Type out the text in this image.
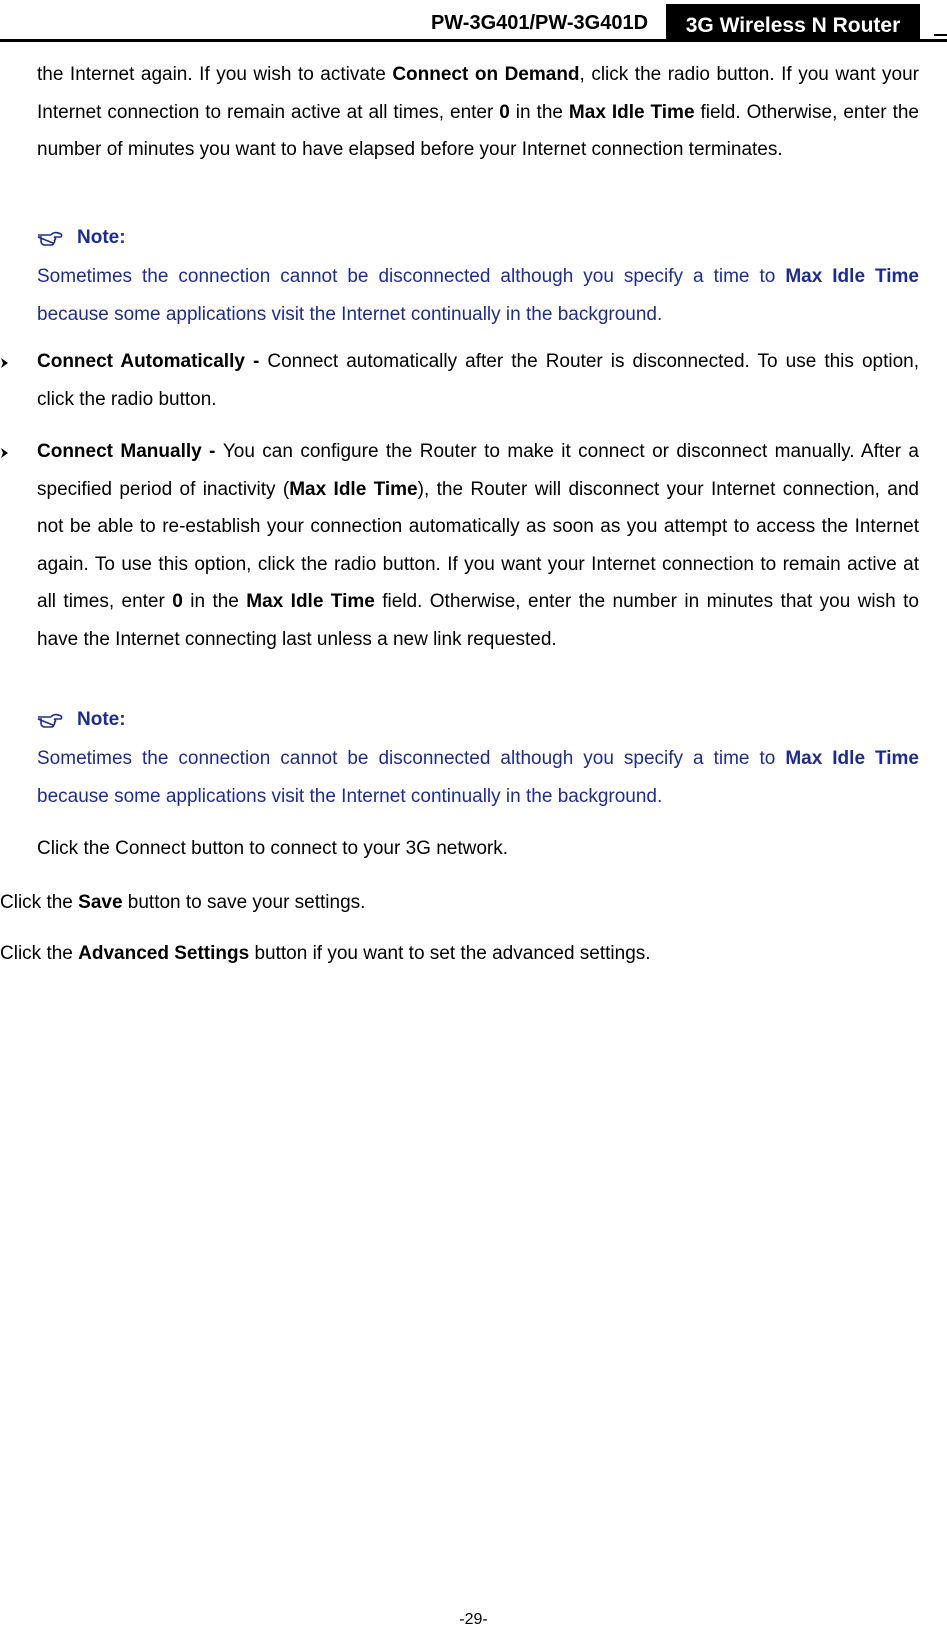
PW-3G401/PW-3G401D	3G Wireless N Router

the Internet again. If you wish to activate Connect on Demand, click the radio button. If you want your Internet connection to remain active at all times, enter 0 in the Max Idle Time field. Otherwise, enter the number of minutes you want to have elapsed before your Internet connection terminates.

Note:

Sometimes the connection cannot be disconnected although you specify a time to Max Idle Time because some applications visit the Internet continually in the background.

Connect Automatically - Connect automatically after the Router is disconnected. To use this option, click the radio button.

Connect Manually - You can configure the Router to make it connect or disconnect manually. After a specified period of inactivity (Max Idle Time), the Router will disconnect your Internet connection, and not be able to re-establish your connection automatically as soon as you attempt to access the Internet again. To use this option, click the radio button. If you want your Internet connection to remain active at all times, enter 0 in the Max Idle Time field. Otherwise, enter the number in minutes that you wish to have the Internet connecting last unless a new link requested.

Note:

Sometimes the connection cannot be disconnected although you specify a time to Max Idle Time because some applications visit the Internet continually in the background.

Click the Connect button to connect to your 3G network.

Click the Save button to save your settings.

Click the Advanced Settings button if you want to set the advanced settings.

-29-
